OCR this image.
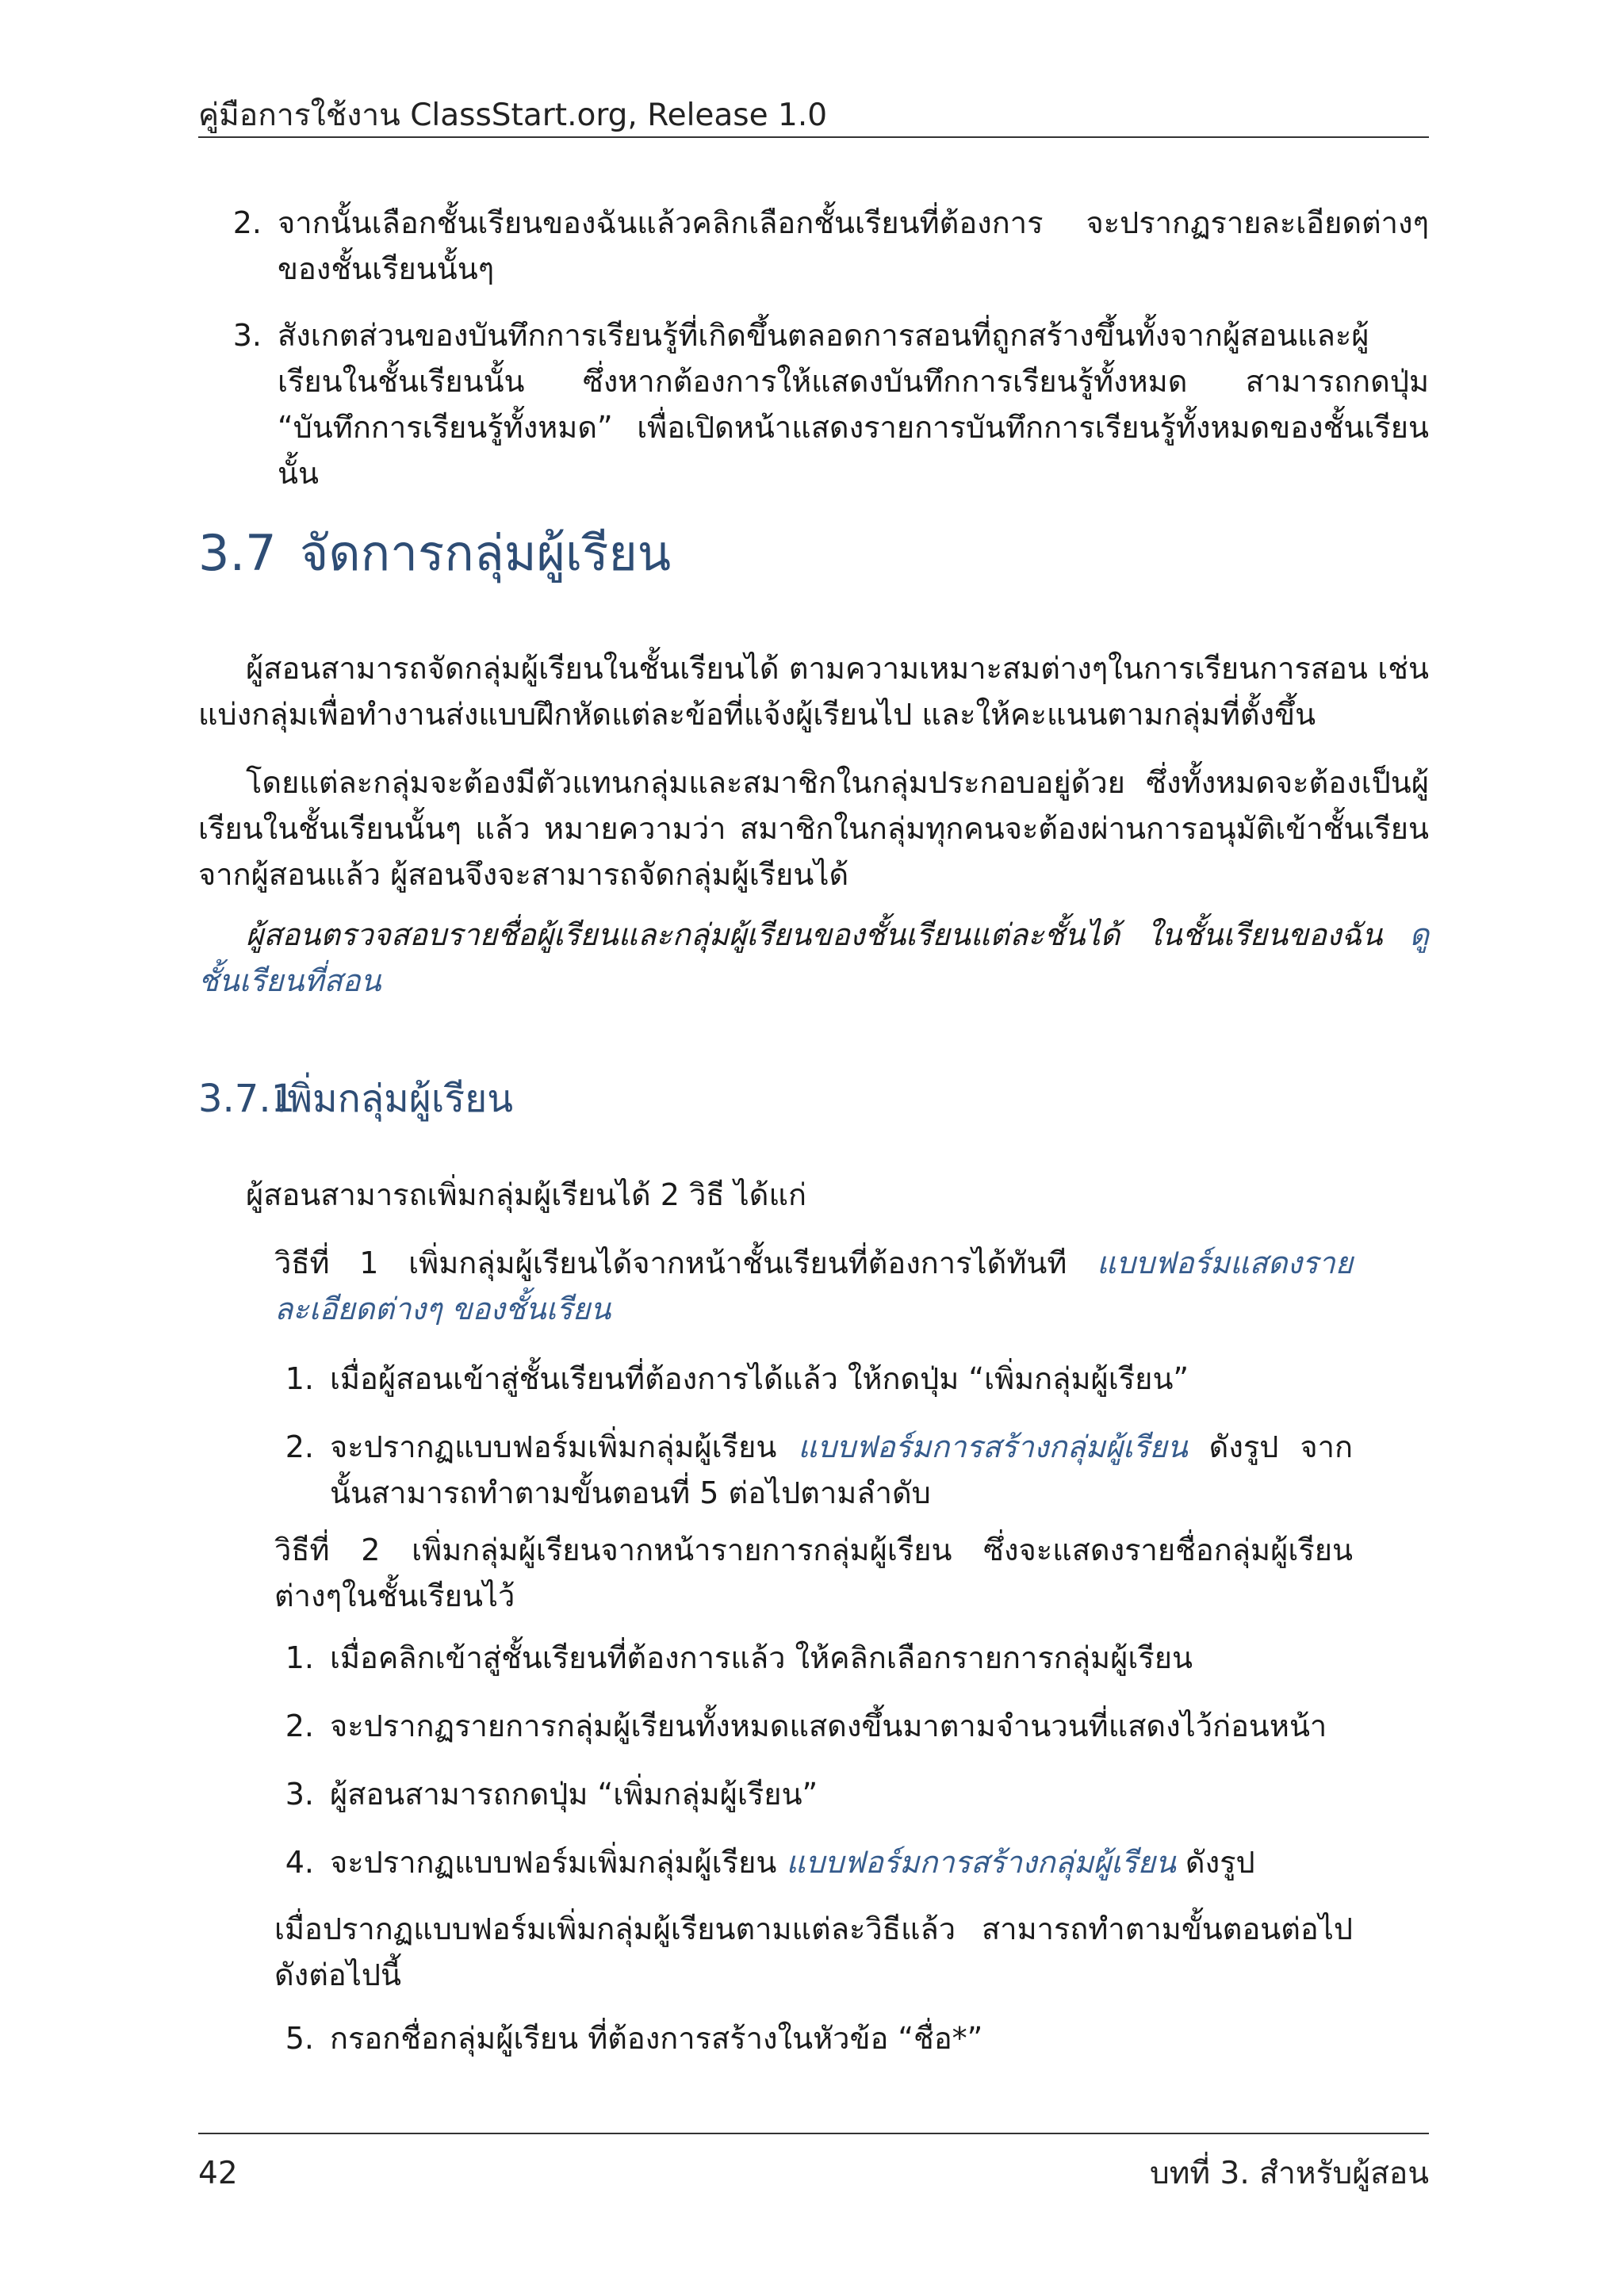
คู่มือการใช้งาน ClassStart.org, Release 1.0
2. จากนั้นเลือกชั้นเรียนของฉันแล้วคลิกเลือกชั้นเรียนที่ต้องการ จะปรากฏรายละเอียดต่างๆของชั้นเรียนนั้นๆ
3. สังเกตส่วนของบันทึกการเรียนรู้ที่เกิดขึ้นตลอดการสอนที่ถูกสร้างขึ้นทั้งจากผู้สอนและผู้เรียนในชั้นเรียนนั้น ซึ่งหากต้องการให้แสดงบันทึกการเรียนรู้ทั้งหมด สามารถกดปุ่ม “บันทึกการเรียนรู้ทั้งหมด” เพื่อเปิดหน้าแสดงรายการบันทึกการเรียนรู้ทั้งหมดของชั้นเรียนนั้น
3.7 จัดการกลุ่มผู้เรียน
ผู้สอนสามารถจัดกลุ่มผู้เรียนในชั้นเรียนได้ ตามความเหมาะสมต่างๆในการเรียนการสอน เช่น แบ่งกลุ่มเพื่อทำงานส่งแบบฝึกหัดแต่ละข้อที่แจ้งผู้เรียนไป และให้คะแนนตามกลุ่มที่ตั้งขึ้น
โดยแต่ละกลุ่มจะต้องมีตัวแทนกลุ่มและสมาชิกในกลุ่มประกอบอยู่ด้วย ซึ่งทั้งหมดจะต้องเป็นผู้เรียนในชั้นเรียนนั้นๆ แล้ว หมายความว่า สมาชิกในกลุ่มทุกคนจะต้องผ่านการอนุมัติเข้าชั้นเรียนจากผู้สอนแล้ว ผู้สอนจึงจะสามารถจัดกลุ่มผู้เรียนได้
ผู้สอนตรวจสอบรายชื่อผู้เรียนและกลุ่มผู้เรียนของชั้นเรียนแต่ละชั้นได้ ในชั้นเรียนของฉัน ดูชั้นเรียนที่สอน
3.7.1เพิ่มกลุ่มผู้เรียน
ผู้สอนสามารถเพิ่มกลุ่มผู้เรียนได้ 2 วิธี ได้แก่
วิธีที่ 1 เพิ่มกลุ่มผู้เรียนได้จากหน้าชั้นเรียนที่ต้องการได้ทันที แบบฟอร์มแสดงรายละเอียดต่างๆ ของชั้นเรียน
1. เมื่อผู้สอนเข้าสู่ชั้นเรียนที่ต้องการได้แล้ว ให้กดปุ่ม “เพิ่มกลุ่มผู้เรียน”
2. จะปรากฏแบบฟอร์มเพิ่มกลุ่มผู้เรียน แบบฟอร์มการสร้างกลุ่มผู้เรียน ดังรูป จากนั้นสามารถทำตามขั้นตอนที่ 5 ต่อไปตามลำดับ
วิธีที่ 2 เพิ่มกลุ่มผู้เรียนจากหน้ารายการกลุ่มผู้เรียน ซึ่งจะแสดงรายชื่อกลุ่มผู้เรียนต่างๆในชั้นเรียนไว้
1. เมื่อคลิกเข้าสู่ชั้นเรียนที่ต้องการแล้ว ให้คลิกเลือกรายการกลุ่มผู้เรียน
2. จะปรากฏรายการกลุ่มผู้เรียนทั้งหมดแสดงขึ้นมาตามจำนวนที่แสดงไว้ก่อนหน้า
3. ผู้สอนสามารถกดปุ่ม “เพิ่มกลุ่มผู้เรียน”
4. จะปรากฏแบบฟอร์มเพิ่มกลุ่มผู้เรียน แบบฟอร์มการสร้างกลุ่มผู้เรียน ดังรูป
เมื่อปรากฏแบบฟอร์มเพิ่มกลุ่มผู้เรียนตามแต่ละวิธีแล้ว สามารถทำตามขั้นตอนต่อไปดังต่อไปนี้
5. กรอกชื่อกลุ่มผู้เรียน ที่ต้องการสร้างในหัวข้อ “ชื่อ*”
42	บทที่ 3. สำหรับผู้สอน
